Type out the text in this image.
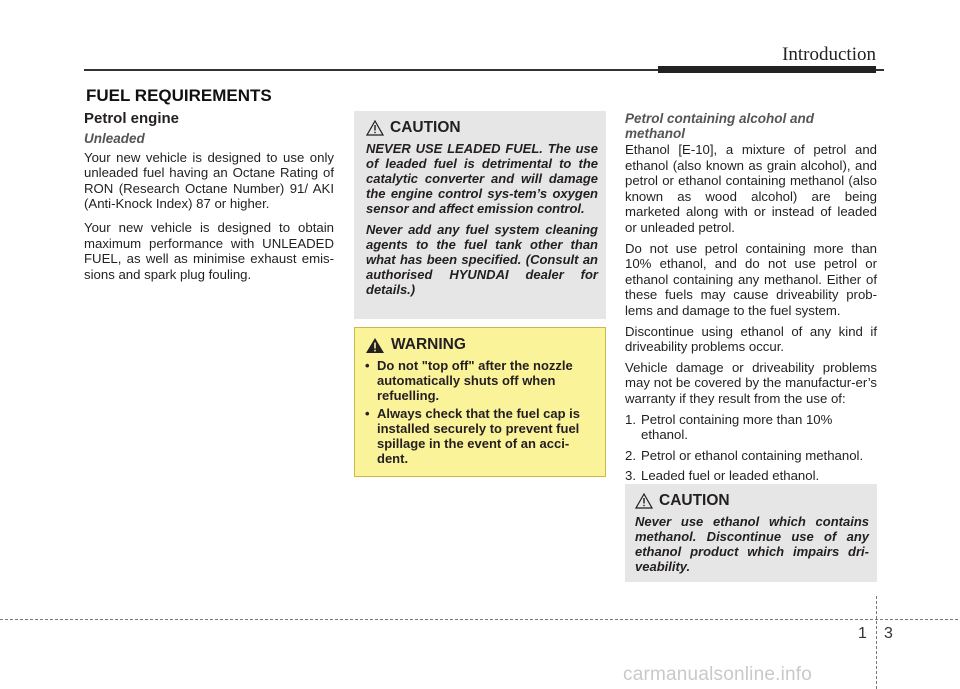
Introduction
FUEL REQUIREMENTS
Petrol engine
Unleaded

Your new vehicle is designed to use only unleaded fuel having an Octane Rating of RON (Research Octane Number) 91/ AKI (Anti-Knock Index) 87 or higher.

Your new vehicle is designed to obtain maximum performance with UNLEADED FUEL, as well as minimise exhaust emis-sions and spark plug fouling.

CAUTION

NEVER USE LEADED FUEL. The use of leaded fuel is detrimental to the catalytic converter and will damage the engine control sys-tem’s oxygen sensor and affect emission control.

Never add any fuel system cleaning agents to the fuel tank other than what has been specified. (Consult an authorised HYUNDAI dealer for details.)

WARNING
• Do not "top off" after the nozzle automatically shuts off when refuelling.
• Always check that the fuel cap is installed securely to prevent fuel spillage in the event of an acci-dent.
Petrol containing alcohol and methanol

Ethanol [E-10], a mixture of petrol and ethanol (also known as grain alcohol), and petrol or ethanol containing methanol (also known as wood alcohol) are being marketed along with or instead of leaded or unleaded petrol.

Do not use petrol containing more than 10% ethanol, and do not use petrol or ethanol containing any methanol. Either of these fuels may cause driveability prob-lems and damage to the fuel system.

Discontinue using ethanol of any kind if driveability problems occur.

Vehicle damage or driveability problems may not be covered by the manufactur-er’s warranty if they result from the use of:

1. Petrol containing more than 10% ethanol.
2. Petrol or ethanol containing methanol.
3. Leaded fuel or leaded ethanol.
CAUTION

Never use ethanol which contains methanol. Discontinue use of any ethanol product which impairs dri-veability.

1 3
carmanualsonline.info
